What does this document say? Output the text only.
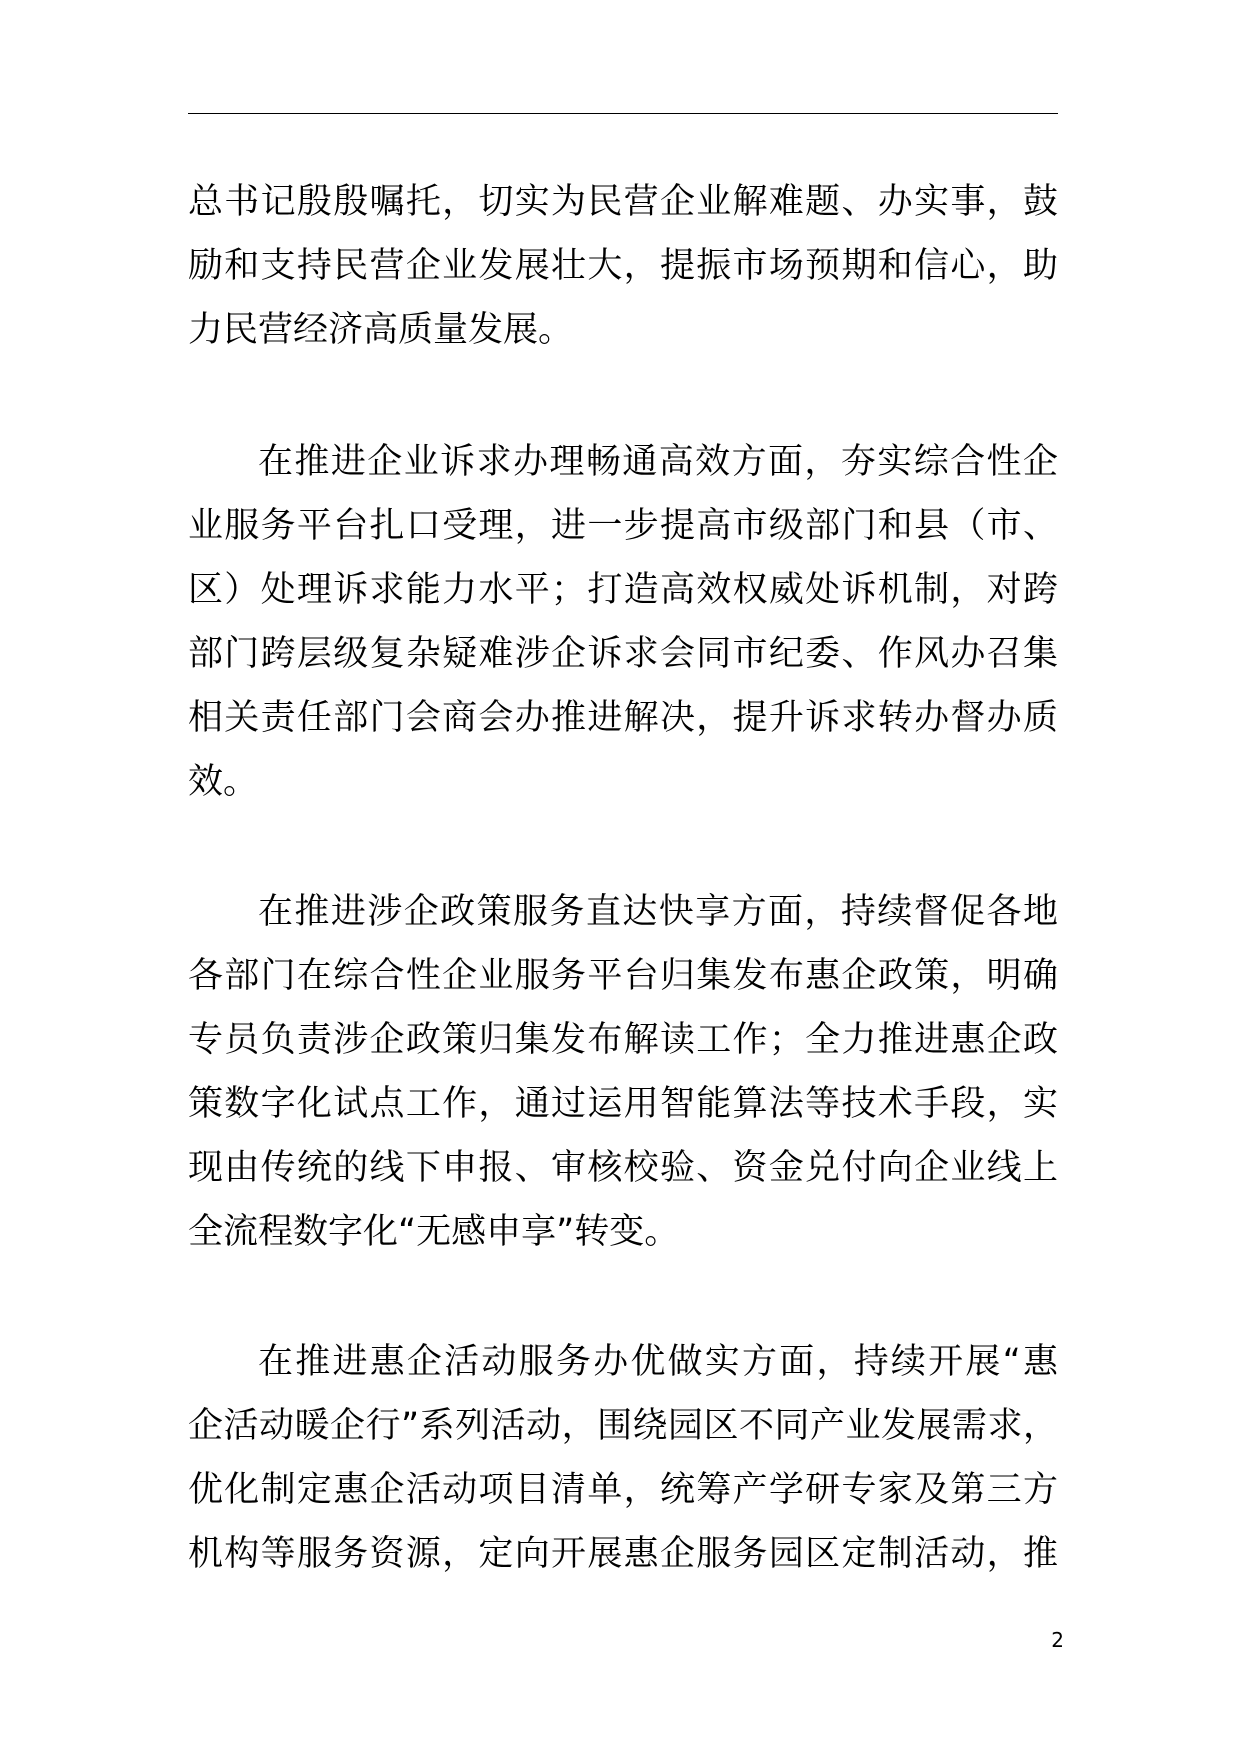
总书记殷殷嘱托，切实为民营企业解难题、办实事，鼓
励和支持民营企业发展壮大，提振市场预期和信心，助
力民营经济高质量发展。
在推进企业诉求办理畅通高效方面，夯实综合性企
业服务平台扎口受理，进一步提高市级部门和县（市、
区）处理诉求能力水平；打造高效权威处诉机制，对跨
部门跨层级复杂疑难涉企诉求会同市纪委、作风办召集
相关责任部门会商会办推进解决，提升诉求转办督办质
效。
在推进涉企政策服务直达快享方面，持续督促各地
各部门在综合性企业服务平台归集发布惠企政策，明确
专员负责涉企政策归集发布解读工作；全力推进惠企政
策数字化试点工作，通过运用智能算法等技术手段，实
现由传统的线下申报、审核校验、资金兑付向企业线上
全流程数字化“无感申享”转变。
在推进惠企活动服务办优做实方面，持续开展“惠
企活动暖企行”系列活动，围绕园区不同产业发展需求，
优化制定惠企活动项目清单，统筹产学研专家及第三方
机构等服务资源，定向开展惠企服务园区定制活动，推
2
